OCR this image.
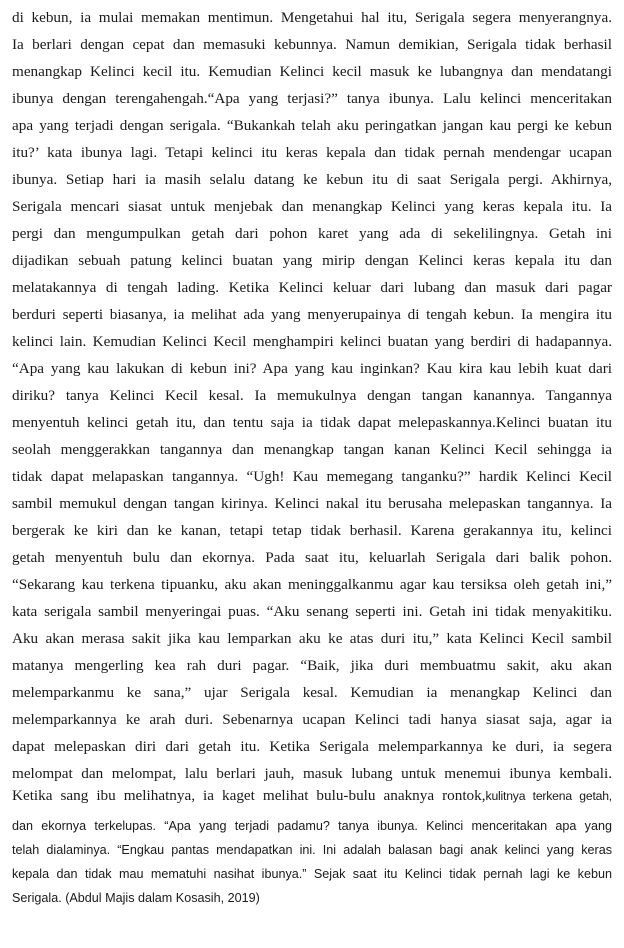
di kebun, ia mulai memakan mentimun. Mengetahui hal itu, Serigala segera menyerangnya.
Ia berlari dengan cepat dan memasuki kebunnya. Namun demikian, Serigala tidak berhasil
menangkap Kelinci kecil itu. Kemudian Kelinci kecil masuk ke lubangnya dan mendatangi
ibunya dengan terengahengah.“Apa yang terjasi?” tanya ibunya. Lalu kelinci menceritakan
apa yang terjadi dengan serigala. “Bukankah telah aku peringatkan jangan kau pergi ke kebun
itu?’ kata ibunya lagi. Tetapi kelinci itu keras kepala dan tidak pernah mendengar ucapan
ibunya. Setiap hari ia masih selalu datang ke kebun itu di saat Serigala pergi. Akhirnya,
Serigala mencari siasat untuk menjebak dan menangkap Kelinci yang keras kepala itu. Ia
pergi dan mengumpulkan getah dari pohon karet yang ada di sekelilingnya. Getah ini
dijadikan sebuah patung kelinci buatan yang mirip dengan Kelinci keras kepala itu dan
melatakannya di tengah lading. Ketika Kelinci keluar dari lubang dan masuk dari pagar
berduri seperti biasanya, ia melihat ada yang menyerupainya di tengah kebun. Ia mengira itu
kelinci lain. Kemudian Kelinci Kecil menghampiri kelinci buatan yang berdiri di hadapannya.
“Apa yang kau lakukan di kebun ini? Apa yang kau inginkan? Kau kira kau lebih kuat dari
diriku? tanya Kelinci Kecil kesal. Ia memukulnya dengan tangan kanannya. Tangannya
menyentuh kelinci getah itu, dan tentu saja ia tidak dapat melepaskannya.Kelinci buatan itu
seolah menggerakkan tangannya dan menangkap tangan kanan Kelinci Kecil sehingga ia
tidak dapat melapaskan tangannya. “Ugh! Kau memegang tanganku?” hardik Kelinci Kecil
sambil memukul dengan tangan kirinya. Kelinci nakal itu berusaha melepaskan tangannya. Ia
bergerak ke kiri dan ke kanan, tetapi tetap tidak berhasil. Karena gerakannya itu, kelinci
getah menyentuh bulu dan ekornya. Pada saat itu, keluarlah Serigala dari balik pohon.
“Sekarang kau terkena tipuanku, aku akan meninggalkanmu agar kau tersiksa oleh getah ini,”
kata serigala sambil menyeringai puas. “Aku senang seperti ini. Getah ini tidak menyakitiku.
Aku akan merasa sakit jika kau lemparkan aku ke atas duri itu,” kata Kelinci Kecil sambil
matanya mengerling kea rah duri pagar. “Baik, jika duri membuatmu sakit, aku akan
melemparkanmu ke sana,” ujar Serigala kesal. Kemudian ia menangkap Kelinci dan
melemparkannya ke arah duri. Sebenarnya ucapan Kelinci tadi hanya siasat saja, agar ia
dapat melepaskan diri dari getah itu. Ketika Serigala melemparkannya ke duri, ia segera
melompat dan melompat, lalu berlari jauh, masuk lubang untuk menemui ibunya kembali.
Ketika sang ibu melihatnya, ia kaget melihat bulu-bulu anaknya rontok,kulitnya terkena getah,
dan ekornya terkelupas. “Apa yang terjadi padamu? tanya ibunya. Kelinci menceritakan apa yang
telah dialaminya. “Engkau pantas mendapatkan ini. Ini adalah balasan bagi anak kelinci yang keras
kepala dan tidak mau mematuhi nasihat ibunya.” Sejak saat itu Kelinci tidak pernah lagi ke kebun
Serigala. (Abdul Majis dalam Kosasih, 2019)
